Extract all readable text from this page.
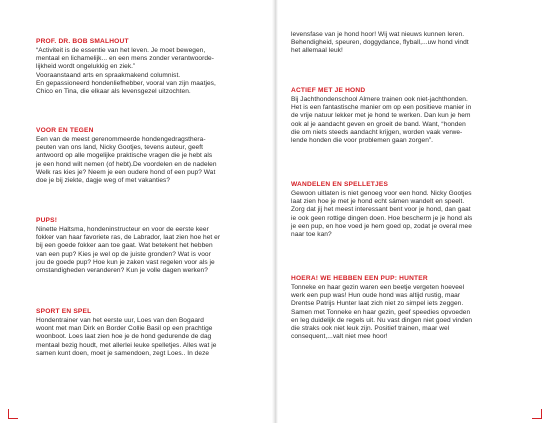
PROF. DR. BOB SMALHOUT
“Activiteit is de essentie van het leven. Je moet bewegen,
mentaal en lichamelijk... en een mens zonder verantwoorde-
lijkheid wordt ongelukkig en ziek.”
Vooraanstaand arts en spraakmakend columnist.
En gepassioneerd hondenliefhebber, vooral van zijn maatjes,
Chico en Tina, die elkaar als levensgezel uitzochten.
VOOR EN TEGEN
Een van de meest gerenommeerde hondengedragsthera-
peuten van ons land, Nicky Gootjes, tevens auteur, geeft
antwoord op alle mogelijke praktische vragen die je hebt als
je een hond wilt nemen (of hebt).De voordelen en de nadelen
Welk ras kies je? Neem je een oudere hond of een pup? Wat
doe je bij ziekte, dagje weg of met vakanties?
PUPS!
Ninette Haltsma, hondeninstructeur en voor de eerste keer
fokker van haar favoriete ras, de Labrador, laat zien hoe het er
bij een goede fokker aan toe gaat. Wat betekent het hebben
van een pup? Kies je wel op de juiste gronden? Wat is voor
jou de goede pup? Hoe kun je zaken vast regelen voor als je
omstandigheden veranderen? Kun je volle dagen werken?
SPORT EN SPEL
Hondentrainer van het eerste uur, Loes van den Bogaard
woont met man Dirk en Border Collie Basil op een prachtige
woonboot. Loes laat zien hoe je de hond gedurende de dag
mentaal bezig houdt, met allerlei leuke spelletjes. Alles wat je
samen kunt doen, moet je samendoen, zegt Loes.. In deze
levensfase van je hond hoor! Wij wat nieuws kunnen leren.
Behendigheid, speuren, doggydance, flyball,...uw hond vindt
het allemaal leuk!
ACTIEF MET JE HOND
Bij Jachthondenschool Almere trainen ook niet-jachthonden.
Het is een fantastische manier om op een positieve manier in
de vrije natuur lekker met je hond te werken. Dan kun je hem
ook al je aandacht geven en groeit de band. Want, “honden
die om niets steeds aandacht krijgen, worden vaak verwe-
lende honden die voor problemen gaan zorgen”.
WANDELEN EN SPELLETJES
Gewoon uitlaten is niet genoeg voor een hond. Nicky Gootjes
laat zien hoe je met je hond echt sámen wandelt en speelt.
Zorg dat jij het meest interessant bent voor je hond, dan gaat
ie ook geen rottige dingen doen. Hoe bescherm je je hond als
je een pup, en hoe voed je hem goed op, zodat je overal mee
naar toe kan?
HOERA! WE HEBBEN EEN PUP: HUNTER
Tonneke en haar gezin waren een beetje vergeten hoeveel
werk een pup was! Hun oude hond was altijd rustig, maar
Drentse Patrijs Hunter laat zich niet zo simpel iets zeggen.
Samen met Tonneke en haar gezin, geef speedies opvoeden
en leg duidelijk de regels uit. Nu vast dingen niet goed vinden
die straks ook niet leuk zijn. Positief trainen, maar wel
consequent,...valt niet mee hoor!
